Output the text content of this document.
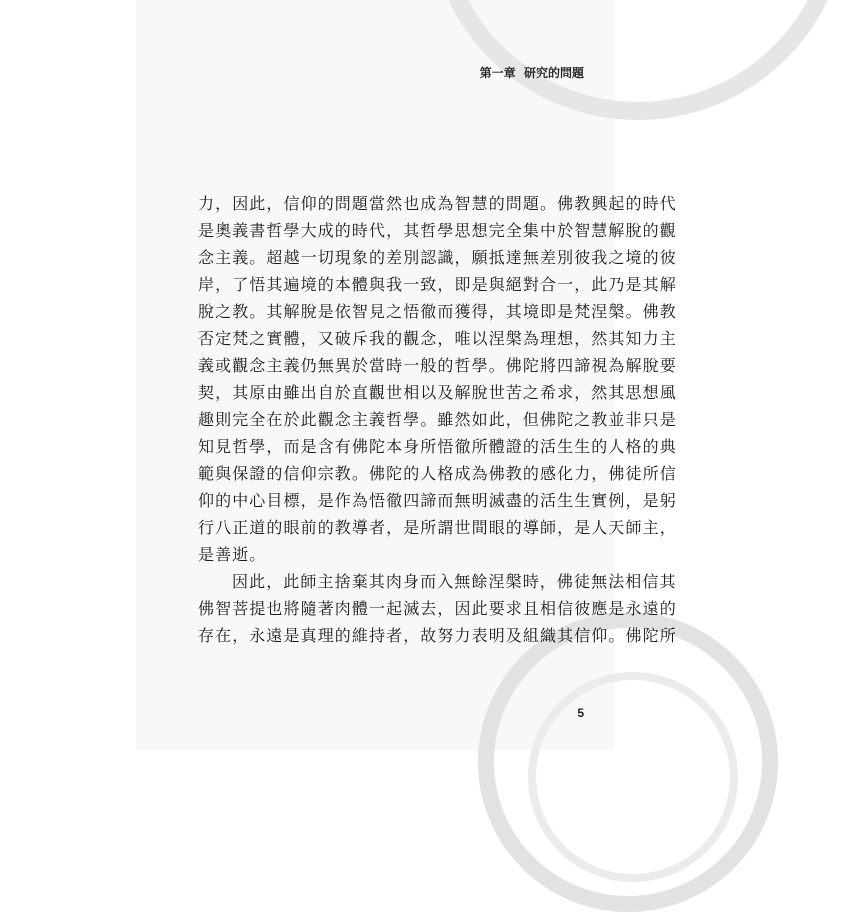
第一章 研究的問題
力，因此，信仰的問題當然也成為智慧的問題。佛教興起的時代
是奧義書哲學大成的時代，其哲學思想完全集中於智慧解脫的觀
念主義。超越一切現象的差別認識，願抵達無差別彼我之境的彼
岸，了悟其遍境的本體與我一致，即是與絕對合一，此乃是其解
脫之教。其解脫是依智見之悟徹而獲得，其境即是梵涅槃。佛教
否定梵之實體，又破斥我的觀念，唯以涅槃為理想，然其知力主
義或觀念主義仍無異於當時一般的哲學。佛陀將四諦視為解脫要
契，其原由雖出自於直觀世相以及解脫世苦之希求，然其思想風
趣則完全在於此觀念主義哲學。雖然如此，但佛陀之教並非只是
知見哲學，而是含有佛陀本身所悟徹所體證的活生生的人格的典
範與保證的信仰宗教。佛陀的人格成為佛教的感化力，佛徒所信
仰的中心目標，是作為悟徹四諦而無明滅盡的活生生實例，是躬
行八正道的眼前的教導者，是所謂世間眼的導師，是人天師主，
是善逝。
因此，此師主捨棄其肉身而入無餘涅槃時，佛徒無法相信其
佛智菩提也將隨著肉體一起滅去，因此要求且相信彼應是永遠的
存在，永遠是真理的維持者，故努力表明及組織其信仰。佛陀所
5
